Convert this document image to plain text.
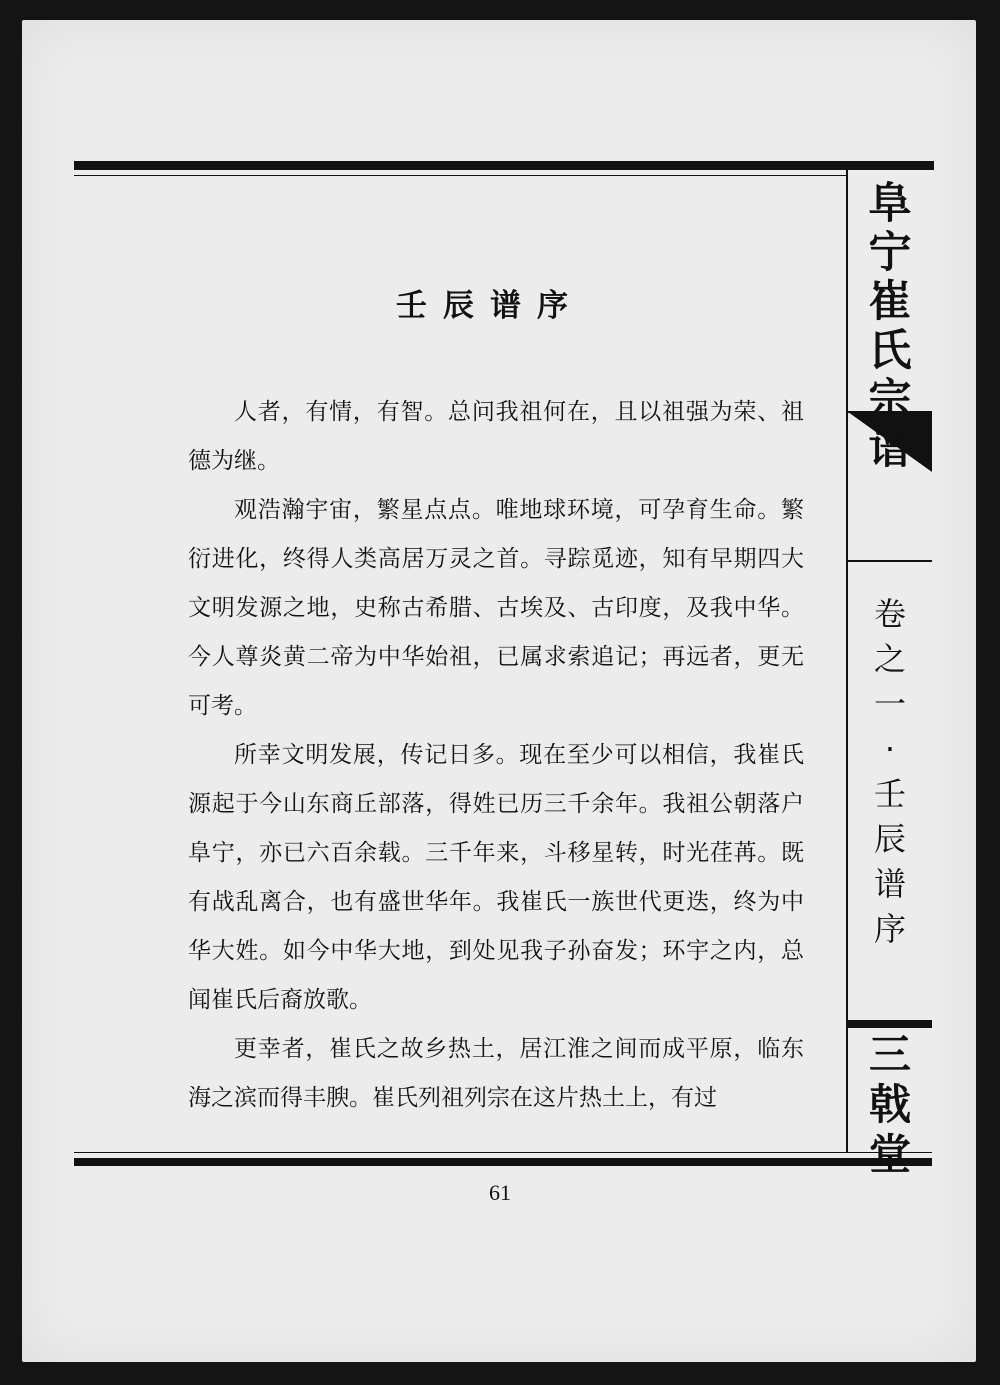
阜
宁
崔
氏
宗
谱
卷
之
一
·
壬
辰
谱
序
三
戟
堂
壬辰谱序

人者，有情，有智。总问我祖何在，且以祖强为荣、祖德为继。

观浩瀚宇宙，繁星点点。唯地球环境，可孕育生命。繁衍进化，终得人类高居万灵之首。寻踪觅迹，知有早期四大文明发源之地，史称古希腊、古埃及、古印度，及我中华。今人尊炎黄二帝为中华始祖，已属求索追记；再远者，更无可考。

所幸文明发展，传记日多。现在至少可以相信，我崔氏源起于今山东商丘部落，得姓已历三千余年。我祖公朝落户阜宁，亦已六百余载。三千年来，斗移星转，时光荏苒。既有战乱离合，也有盛世华年。我崔氏一族世代更迭，终为中华大姓。如今中华大地，到处见我子孙奋发；环宇之内，总闻崔氏后裔放歌。

更幸者，崔氏之故乡热土，居江淮之间而成平原，临东海之滨而得丰腴。崔氏列祖列宗在这片热土上，有过

61
